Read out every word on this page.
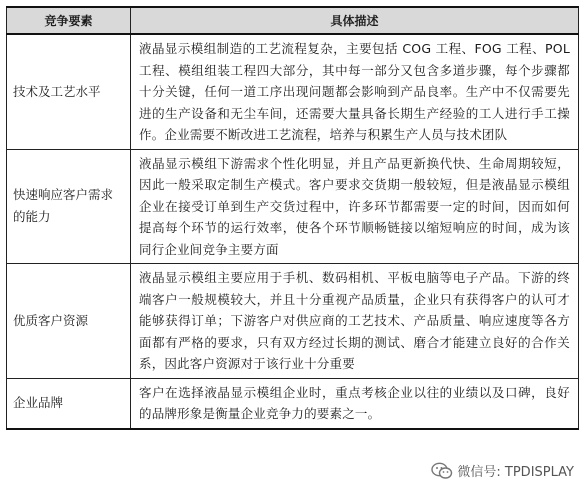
竞争要素	具体描述
技术及工艺水平	液晶显示模组制造的工艺流程复杂，主要包括 COG 工程、FOG 工程、POL 工程、模组组装工程四大部分，其中每一部分又包含多道步骤，每个步骤都十分关键，任何一道工序出现问题都会影响到产品良率。生产中不仅需要先进的生产设备和无尘车间，还需要大量具备长期生产经验的工人进行手工操作。企业需要不断改进工艺流程，培养与积累生产人员与技术团队
快速响应客户需求的能力	液晶显示模组下游需求个性化明显，并且产品更新换代快、生命周期较短，因此一般采取定制生产模式。客户要求交货期一般较短，但是液晶显示模组企业在接受订单到生产交货过程中，许多环节都需要一定的时间，因而如何提高每个环节的运行效率，使各个环节顺畅链接以缩短响应的时间，成为该同行企业间竞争主要方面
优质客户资源	液晶显示模组主要应用于手机、数码相机、平板电脑等电子产品。下游的终端客户一般规模较大，并且十分重视产品质量，企业只有获得客户的认可才能够获得订单；下游客户对供应商的工艺技术、产品质量、响应速度等各方面都有严格的要求，只有双方经过长期的测试、磨合才能建立良好的合作关系，因此客户资源对于该行业十分重要
企业品牌	客户在选择液晶显示模组企业时，重点考核企业以往的业绩以及口碑，良好的品牌形象是衡量企业竞争力的要素之一。
微信号: TPDISPLAY
